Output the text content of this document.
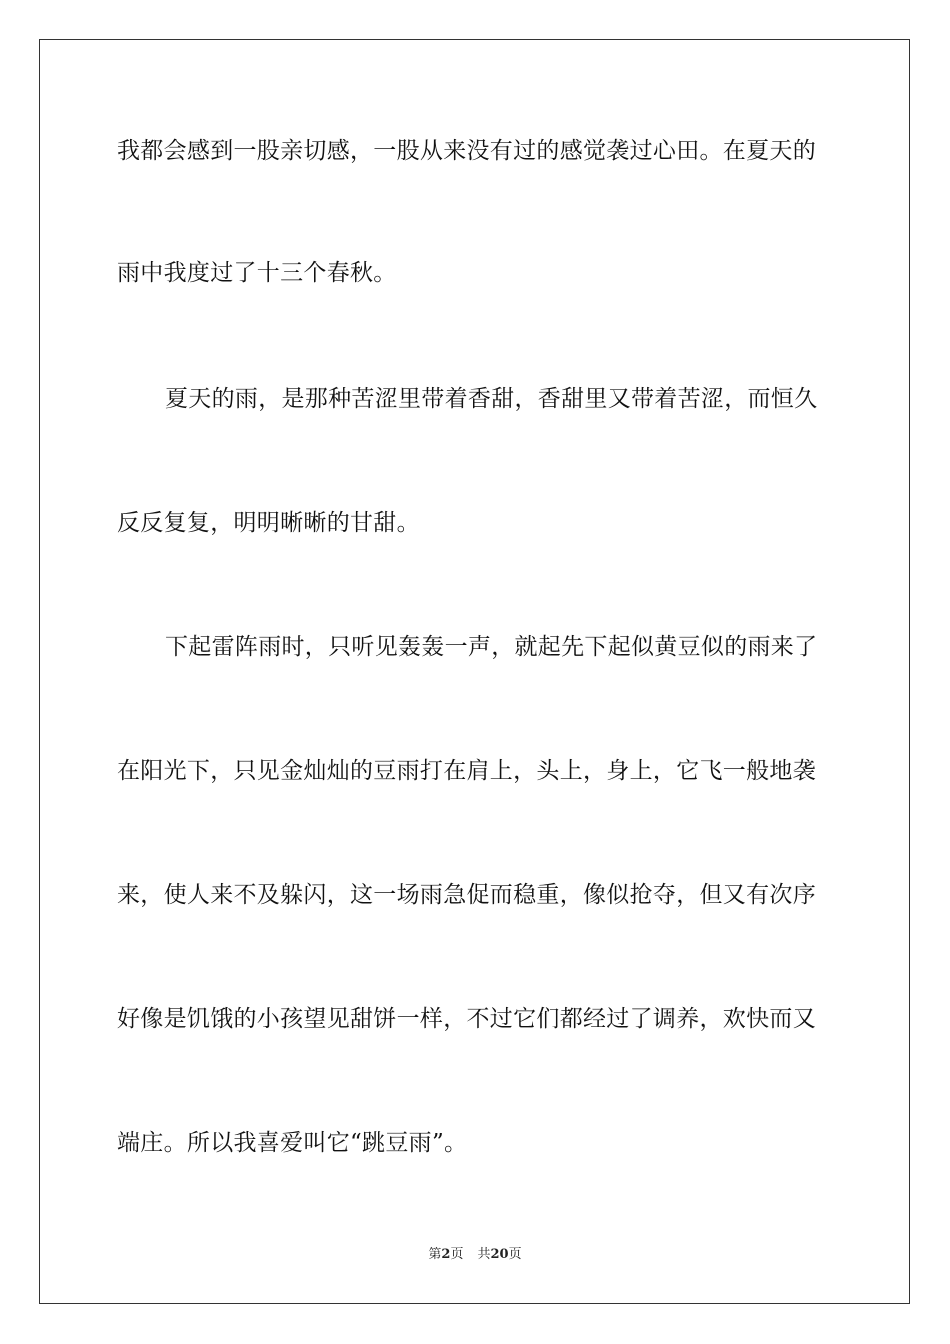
我都会感到一股亲切感，一股从来没有过的感觉袭过心田。在夏天的
雨中我度过了十三个春秋。
夏天的雨，是那种苦涩里带着香甜，香甜里又带着苦涩，而恒久
反反复复，明明晰晰的甘甜。
下起雷阵雨时，只听见轰轰一声，就起先下起似黄豆似的雨来了
在阳光下，只见金灿灿的豆雨打在肩上，头上，身上，它飞一般地袭
来，使人来不及躲闪，这一场雨急促而稳重，像似抢夺，但又有次序
好像是饥饿的小孩望见甜饼一样，不过它们都经过了调养，欢快而又
端庄。所以我喜爱叫它“跳豆雨”。
第2页 共20页
